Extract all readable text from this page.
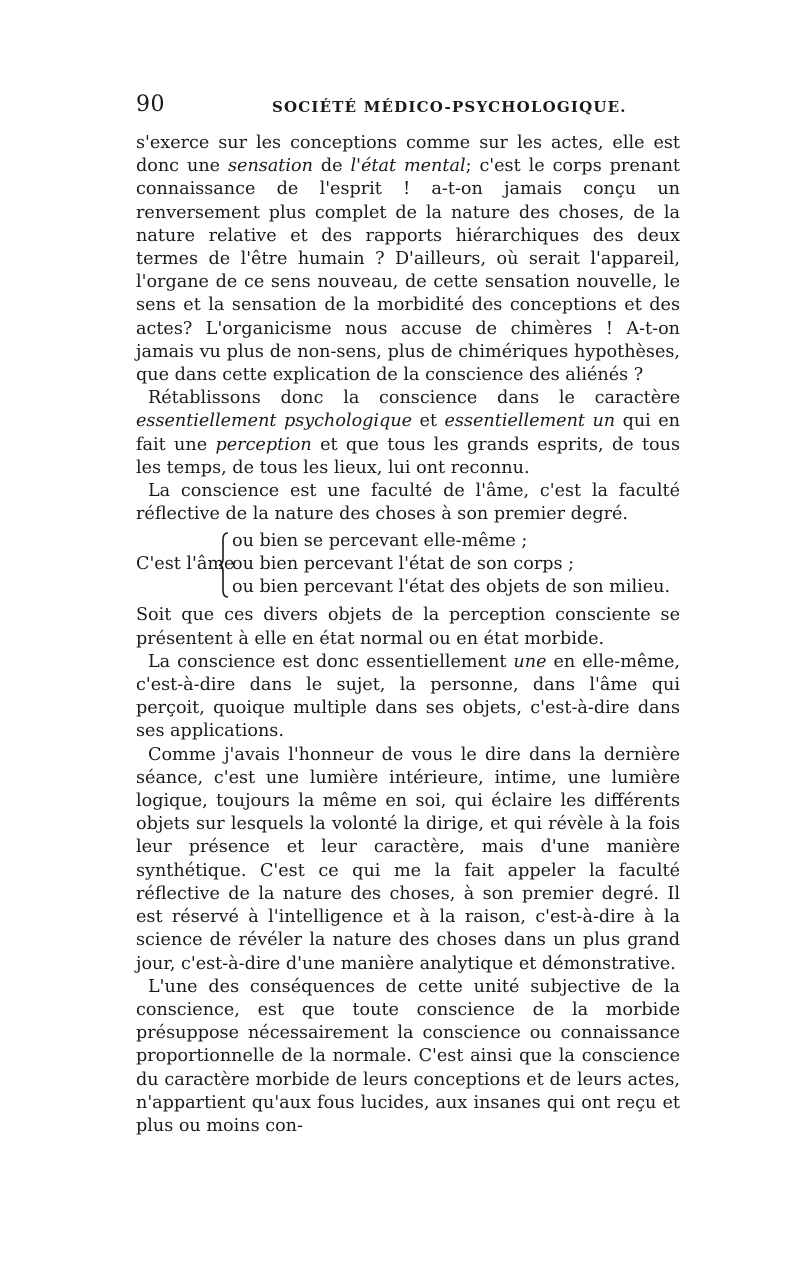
90	SOCIÉTÉ MÉDICO-PSYCHOLOGIQUE.

s'exerce sur les conceptions comme sur les actes, elle est donc une sensation de l'état mental; c'est le corps prenant connaissance de l'esprit ! a-t-on jamais conçu un renversement plus complet de la nature des choses, de la nature relative et des rapports hiérarchiques des deux termes de l'être humain ? D'ailleurs, où serait l'appareil, l'organe de ce sens nouveau, de cette sensation nouvelle, le sens et la sensation de la morbidité des conceptions et des actes? L'organicisme nous accuse de chimères ! A-t-on jamais vu plus de non-sens, plus de chimériques hypothèses, que dans cette explication de la conscience des aliénés ?

Rétablissons donc la conscience dans le caractère essentiellement psychologique et essentiellement un qui en fait une perception et que tous les grands esprits, de tous les temps, de tous les lieux, lui ont reconnu.

La conscience est une faculté de l'âme, c'est la faculté réflective de la nature des choses à son premier degré.

C'est l'âme
ou bien se percevant elle-même ;
ou bien percevant l'état de son corps ;
ou bien percevant l'état des objets de son milieu.

Soit que ces divers objets de la perception consciente se présentent à elle en état normal ou en état morbide.

La conscience est donc essentiellement une en elle-même, c'est-à-dire dans le sujet, la personne, dans l'âme qui perçoit, quoique multiple dans ses objets, c'est-à-dire dans ses applications.

Comme j'avais l'honneur de vous le dire dans la dernière séance, c'est une lumière intérieure, intime, une lumière logique, toujours la même en soi, qui éclaire les différents objets sur lesquels la volonté la dirige, et qui révèle à la fois leur présence et leur caractère, mais d'une manière synthétique. C'est ce qui me la fait appeler la faculté réflective de la nature des choses, à son premier degré. Il est réservé à l'intelligence et à la raison, c'est-à-dire à la science de révéler la nature des choses dans un plus grand jour, c'est-à-dire d'une manière analytique et démonstrative.

L'une des conséquences de cette unité subjective de la conscience, est que toute conscience de la morbide présuppose nécessairement la conscience ou connaissance proportionnelle de la normale. C'est ainsi que la conscience du caractère morbide de leurs conceptions et de leurs actes, n'appartient qu'aux fous lucides, aux insanes qui ont reçu et plus ou moins con-
